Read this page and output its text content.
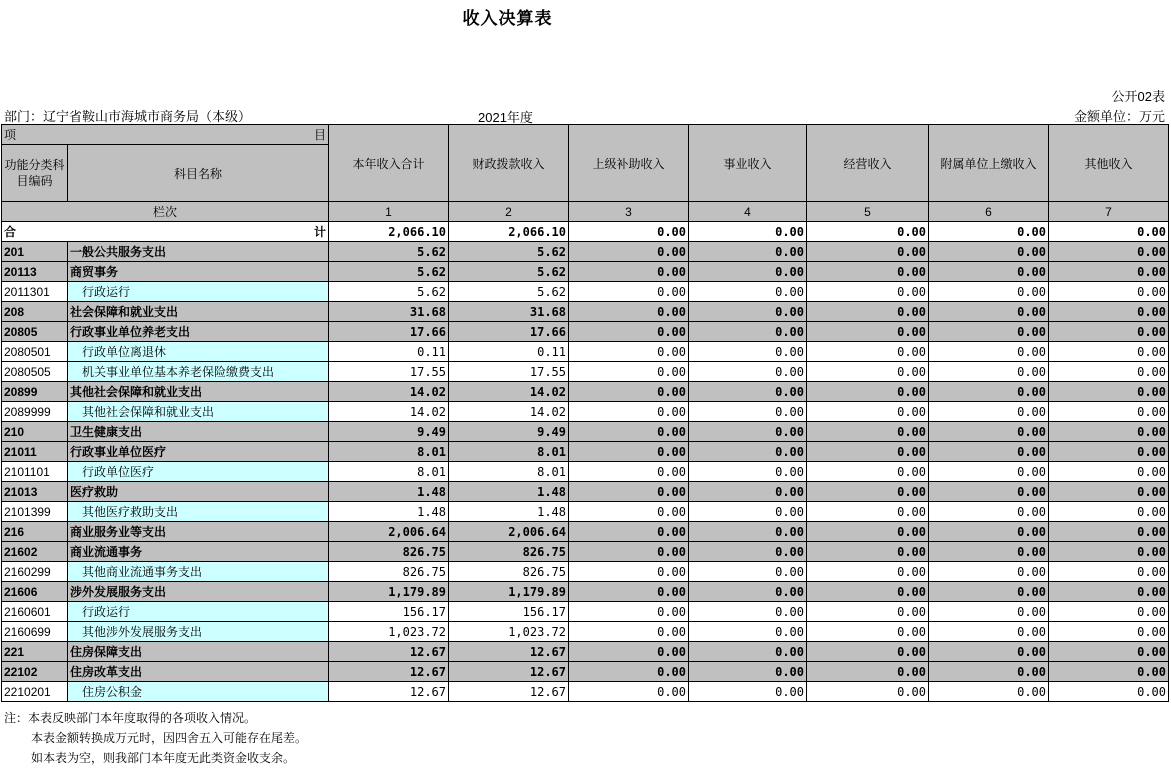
收入决算表
公开02表
部门：辽宁省鞍山市海城市商务局（本级）	2021年度	金额单位：万元
项 目		本年收入合计	财政拨款收入	上级补助收入	事业收入	经营收入	附属单位上缴收入	其他收入
功能分类科目编码	科目名称							

栏次		1	2	3	4	5	6	7

合 计		2,066.10	2,066.10	0.00	0.00	0.00	0.00	0.00
201	一般公共服务支出	5.62	5.62	0.00	0.00	0.00	0.00	0.00
20113	商贸事务	5.62	5.62	0.00	0.00	0.00	0.00	0.00
2011301	行政运行	5.62	5.62	0.00	0.00	0.00	0.00	0.00
208	社会保障和就业支出	31.68	31.68	0.00	0.00	0.00	0.00	0.00
20805	行政事业单位养老支出	17.66	17.66	0.00	0.00	0.00	0.00	0.00
2080501	行政单位离退休	0.11	0.11	0.00	0.00	0.00	0.00	0.00
2080505	机关事业单位基本养老保险缴费支出	17.55	17.55	0.00	0.00	0.00	0.00	0.00
20899	其他社会保障和就业支出	14.02	14.02	0.00	0.00	0.00	0.00	0.00
2089999	其他社会保障和就业支出	14.02	14.02	0.00	0.00	0.00	0.00	0.00
210	卫生健康支出	9.49	9.49	0.00	0.00	0.00	0.00	0.00
21011	行政事业单位医疗	8.01	8.01	0.00	0.00	0.00	0.00	0.00
2101101	行政单位医疗	8.01	8.01	0.00	0.00	0.00	0.00	0.00
21013	医疗救助	1.48	1.48	0.00	0.00	0.00	0.00	0.00
2101399	其他医疗救助支出	1.48	1.48	0.00	0.00	0.00	0.00	0.00
216	商业服务业等支出	2,006.64	2,006.64	0.00	0.00	0.00	0.00	0.00
21602	商业流通事务	826.75	826.75	0.00	0.00	0.00	0.00	0.00
2160299	其他商业流通事务支出	826.75	826.75	0.00	0.00	0.00	0.00	0.00
21606	涉外发展服务支出	1,179.89	1,179.89	0.00	0.00	0.00	0.00	0.00
2160601	行政运行	156.17	156.17	0.00	0.00	0.00	0.00	0.00
2160699	其他涉外发展服务支出	1,023.72	1,023.72	0.00	0.00	0.00	0.00	0.00
221	住房保障支出	12.67	12.67	0.00	0.00	0.00	0.00	0.00
22102	住房改革支出	12.67	12.67	0.00	0.00	0.00	0.00	0.00
2210201	住房公积金	12.67	12.67	0.00	0.00	0.00	0.00	0.00
注：本表反映部门本年度取得的各项收入情况。
本表金额转换成万元时，因四舍五入可能存在尾差。
如本表为空，则我部门本年度无此类资金收支余。
